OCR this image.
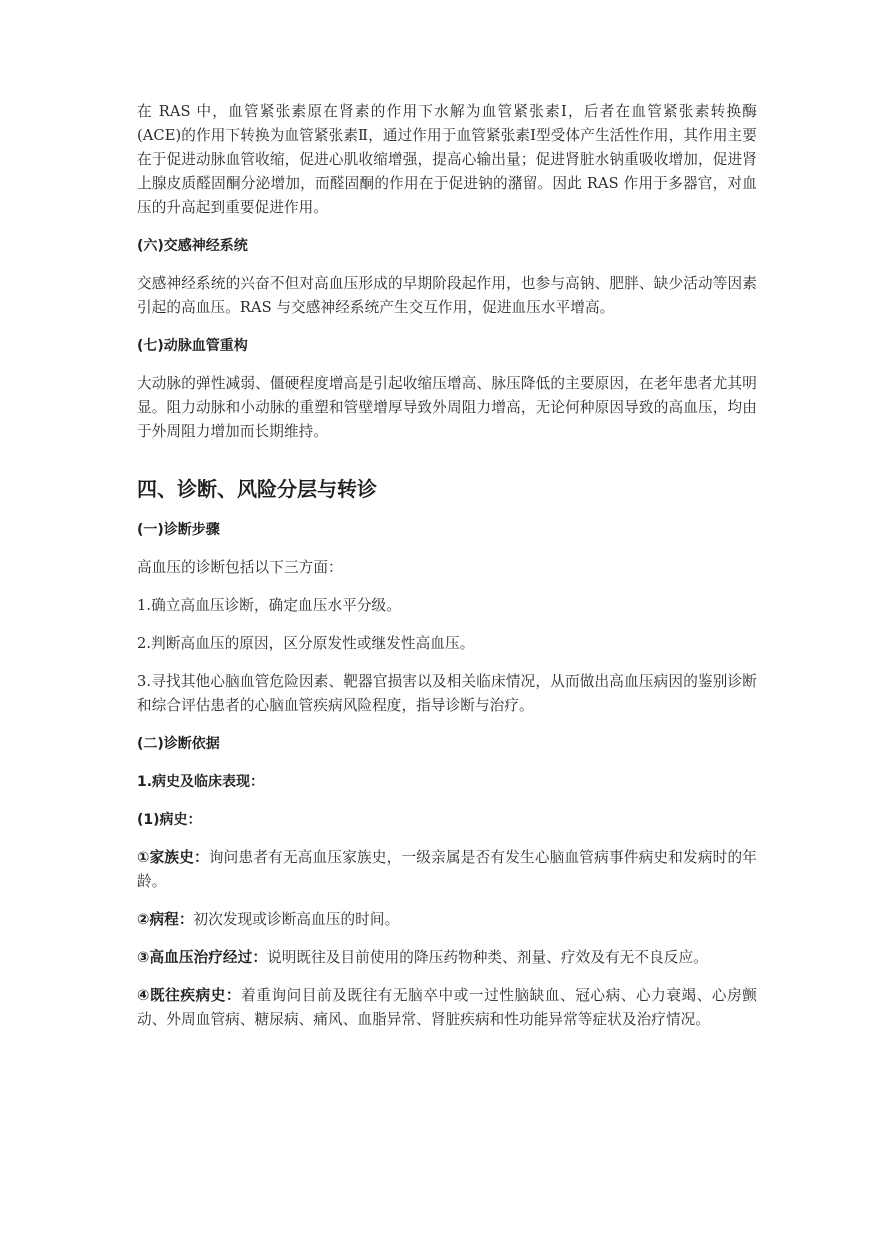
在 RAS 中，血管紧张素原在肾素的作用下水解为血管紧张素Ⅰ，后者在血管紧张素转换酶(ACE)的作用下转换为血管紧张素Ⅱ，通过作用于血管紧张素Ⅰ型受体产生活性作用，其作用主要在于促进动脉血管收缩，促进心肌收缩增强，提高心输出量；促进肾脏水钠重吸收增加，促进肾上腺皮质醛固酮分泌增加，而醛固酮的作用在于促进钠的潴留。因此 RAS 作用于多器官，对血压的升高起到重要促进作用。

(六)交感神经系统

交感神经系统的兴奋不但对高血压形成的早期阶段起作用，也参与高钠、肥胖、缺少活动等因素引起的高血压。RAS 与交感神经系统产生交互作用，促进血压水平增高。

(七)动脉血管重构

大动脉的弹性减弱、僵硬程度增高是引起收缩压增高、脉压降低的主要原因，在老年患者尤其明显。阻力动脉和小动脉的重塑和管壁增厚导致外周阻力增高，无论何种原因导致的高血压，均由于外周阻力增加而长期维持。

四、诊断、风险分层与转诊
(一)诊断步骤

高血压的诊断包括以下三方面：

1.确立高血压诊断，确定血压水平分级。

2.判断高血压的原因，区分原发性或继发性高血压。

3.寻找其他心脑血管危险因素、靶器官损害以及相关临床情况，从而做出高血压病因的鉴别诊断和综合评估患者的心脑血管疾病风险程度，指导诊断与治疗。

(二)诊断依据
1.病史及临床表现：
(1)病史：

①家族史：询问患者有无高血压家族史，一级亲属是否有发生心脑血管病事件病史和发病时的年龄。

②病程：初次发现或诊断高血压的时间。

③高血压治疗经过：说明既往及目前使用的降压药物种类、剂量、疗效及有无不良反应。

④既往疾病史：着重询问目前及既往有无脑卒中或一过性脑缺血、冠心病、心力衰竭、心房颤动、外周血管病、糖尿病、痛风、血脂异常、肾脏疾病和性功能异常等症状及治疗情况。
